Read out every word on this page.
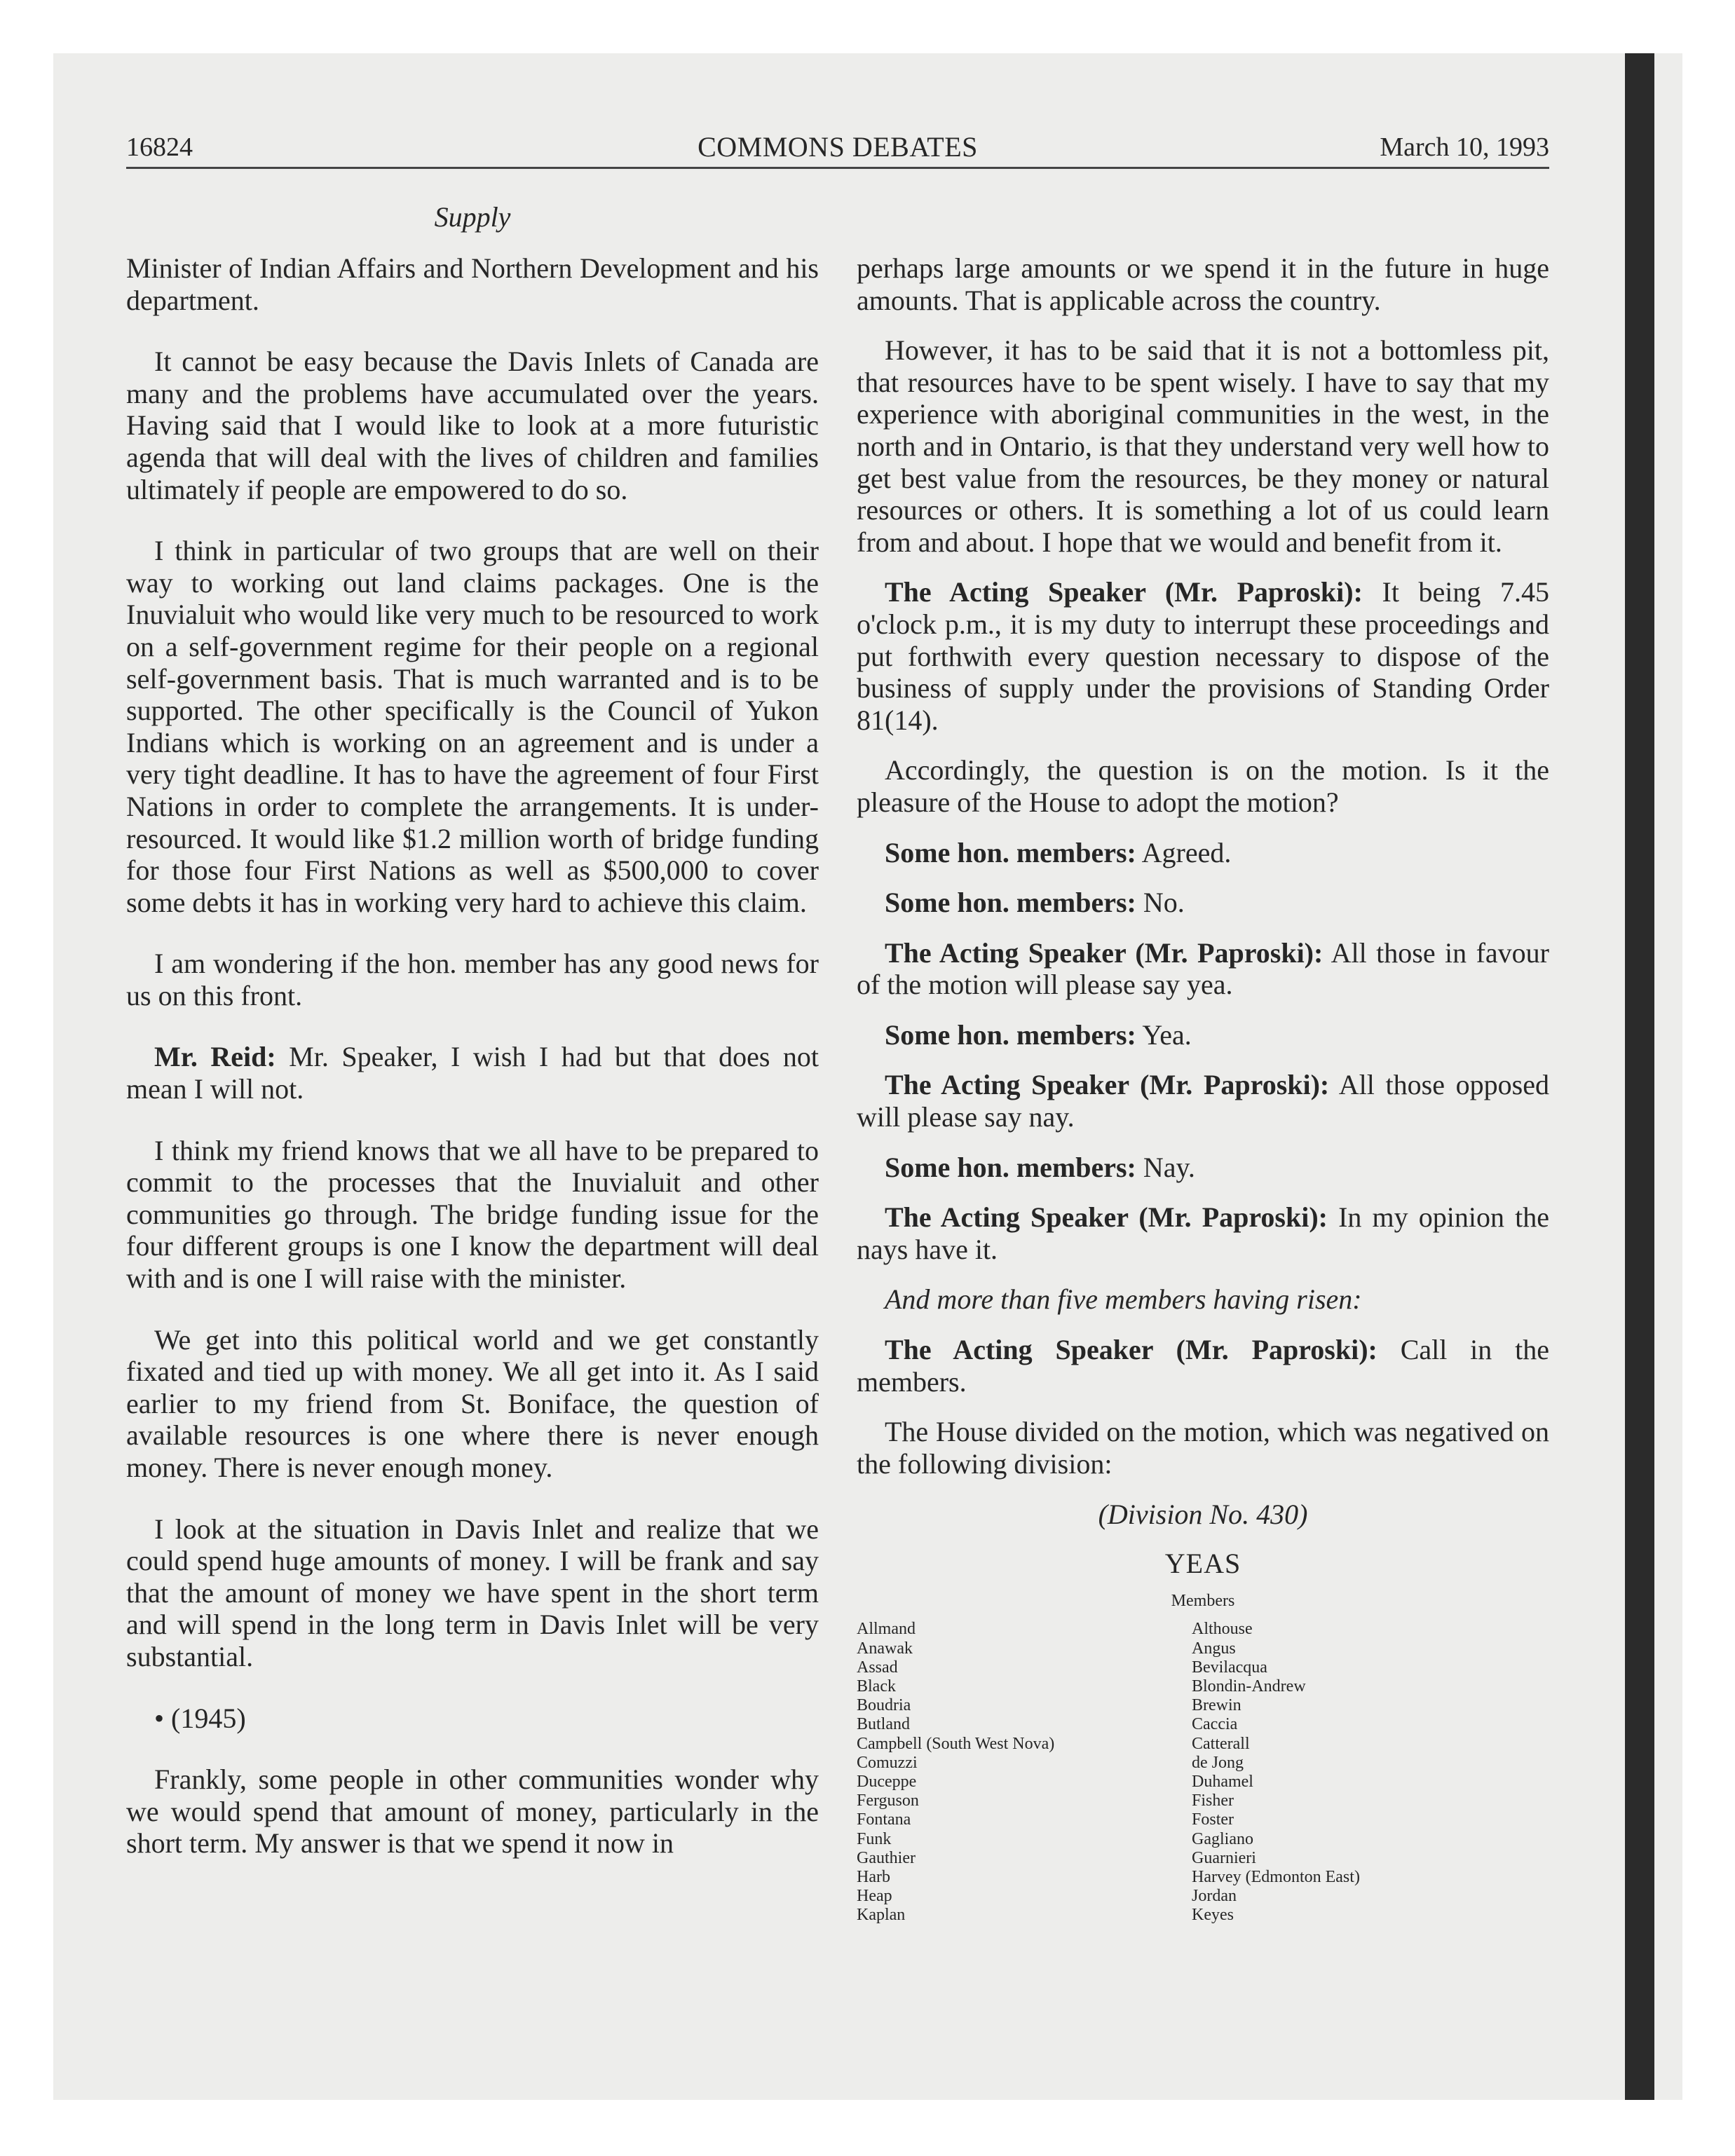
16824	COMMONS DEBATES	March 10, 1993
Supply

Minister of Indian Affairs and Northern Development and his department.

It cannot be easy because the Davis Inlets of Canada are many and the problems have accumulated over the years. Having said that I would like to look at a more futuristic agenda that will deal with the lives of children and families ultimately if people are empowered to do so.

I think in particular of two groups that are well on their way to working out land claims packages. One is the Inuvialuit who would like very much to be resourced to work on a self-government regime for their people on a regional self-government basis. That is much warranted and is to be supported. The other specifically is the Council of Yukon Indians which is working on an agreement and is under a very tight deadline. It has to have the agreement of four First Nations in order to complete the arrangements. It is under-resourced. It would like $1.2 million worth of bridge funding for those four First Nations as well as $500,000 to cover some debts it has in working very hard to achieve this claim.

I am wondering if the hon. member has any good news for us on this front.

Mr. Reid: Mr. Speaker, I wish I had but that does not mean I will not.

I think my friend knows that we all have to be prepared to commit to the processes that the Inuvialuit and other communities go through. The bridge funding issue for the four different groups is one I know the department will deal with and is one I will raise with the minister.

We get into this political world and we get constantly fixated and tied up with money. We all get into it. As I said earlier to my friend from St. Boniface, the question of available resources is one where there is never enough money. There is never enough money.

I look at the situation in Davis Inlet and realize that we could spend huge amounts of money. I will be frank and say that the amount of money we have spent in the short term and will spend in the long term in Davis Inlet will be very substantial.

• (1945)

Frankly, some people in other communities wonder why we would spend that amount of money, particularly in the short term. My answer is that we spend it now in

perhaps large amounts or we spend it in the future in huge amounts. That is applicable across the country.

However, it has to be said that it is not a bottomless pit, that resources have to be spent wisely. I have to say that my experience with aboriginal communities in the west, in the north and in Ontario, is that they understand very well how to get best value from the resources, be they money or natural resources or others. It is something a lot of us could learn from and about. I hope that we would and benefit from it.

The Acting Speaker (Mr. Paproski): It being 7.45 o'clock p.m., it is my duty to interrupt these proceedings and put forthwith every question necessary to dispose of the business of supply under the provisions of Standing Order 81(14).

Accordingly, the question is on the motion. Is it the pleasure of the House to adopt the motion?

Some hon. members: Agreed.

Some hon. members: No.

The Acting Speaker (Mr. Paproski): All those in favour of the motion will please say yea.

Some hon. members: Yea.

The Acting Speaker (Mr. Paproski): All those opposed will please say nay.

Some hon. members: Nay.

The Acting Speaker (Mr. Paproski): In my opinion the nays have it.

And more than five members having risen:

The Acting Speaker (Mr. Paproski): Call in the members.

The House divided on the motion, which was negatived on the following division:

(Division No. 430)
YEAS
Members
Allmand
Anawak
Assad
Black
Boudria
Butland
Campbell (South West Nova)
Comuzzi
Duceppe
Ferguson
Fontana
Funk
Gauthier
Harb
Heap
Kaplan
Althouse
Angus
Bevilacqua
Blondin-Andrew
Brewin
Caccia
Catterall
de Jong
Duhamel
Fisher
Foster
Gagliano
Guarnieri
Harvey (Edmonton East)
Jordan
Keyes
